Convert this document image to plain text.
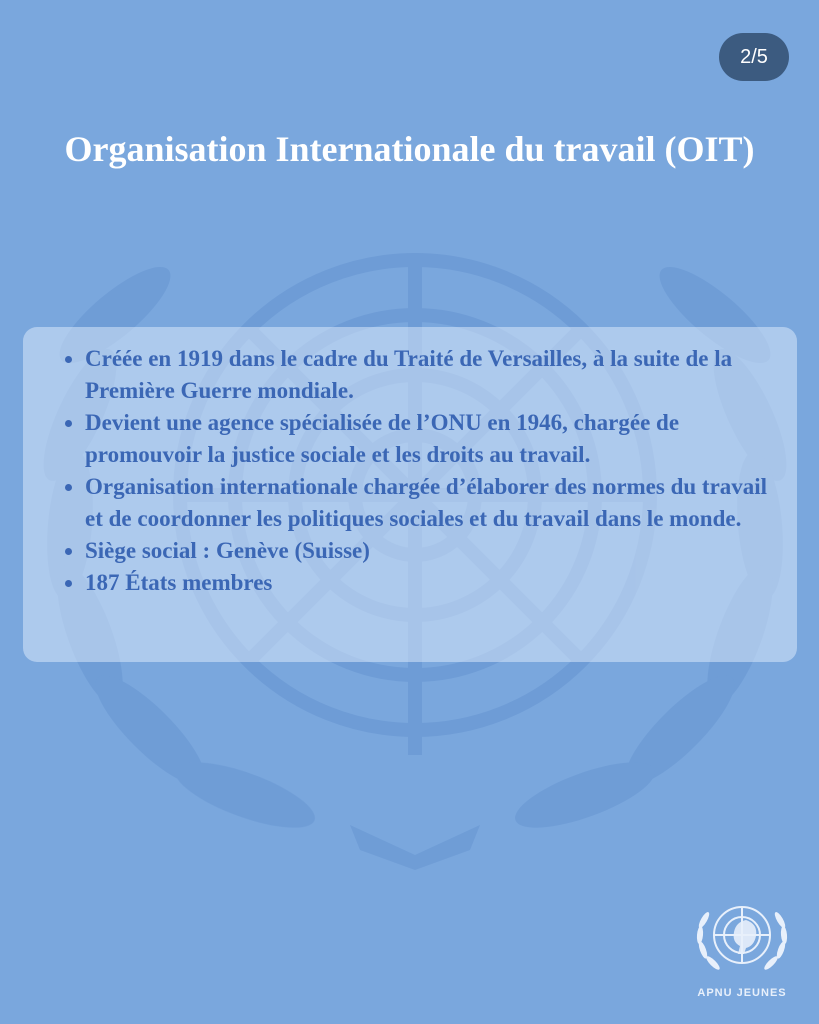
2/5
Organisation Internationale du travail (OIT)
• Créée en 1919 dans le cadre du Traité de Versailles, à la suite de la Première Guerre mondiale.
• Devient une agence spécialisée de l’ONU en 1946, chargée de promouvoir la justice sociale et les droits au travail.
• Organisation internationale chargée d’élaborer des normes du travail et de coordonner les politiques sociales et du travail dans le monde.
• Siège social : Genève (Suisse)
• 187 États membres
APNU JEUNES
